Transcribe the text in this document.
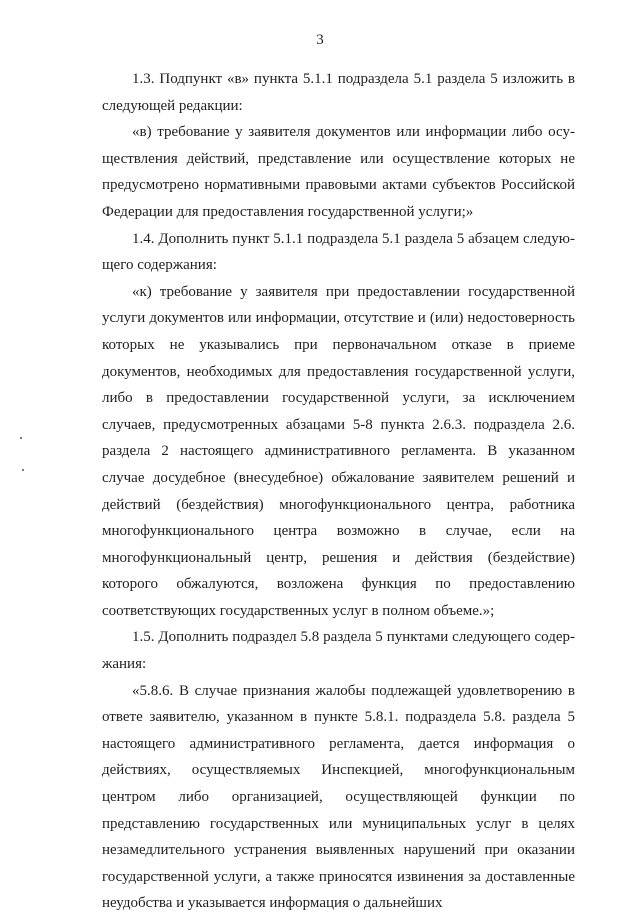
3

1.3. Подпункт «в» пункта 5.1.1 подраздела 5.1 раздела 5 изложить в следующей редакции:

«в) требование у заявителя документов или информации либо осуществления действий, представление или осуществление которых не предусмотрено нормативными правовыми актами субъектов Российской Федерации для предоставления государственной услуги;»

1.4. Дополнить пункт 5.1.1 подраздела 5.1 раздела 5 абзацем следующего содержания:

«к) требование у заявителя при предоставлении государственной услуги документов или информации, отсутствие и (или) недостоверность которых не указывались при первоначальном отказе в приеме документов, необходимых для предоставления государственной услуги, либо в предоставлении государственной услуги, за исключением случаев, предусмотренных абзацами 5-8 пункта 2.6.3. подраздела 2.6. раздела 2 настоящего административного регламента. В указанном случае досудебное (внесудебное) обжалование заявителем решений и действий (бездействия) многофункционального центра, работника многофункционального центра возможно в случае, если на многофункциональный центр, решения и действия (бездействие) которого обжалуются, возложена функция по предоставлению соответствующих государственных услуг в полном объеме.»;

1.5. Дополнить подраздел 5.8 раздела 5 пунктами следующего содержания:

«5.8.6. В случае признания жалобы подлежащей удовлетворению в ответе заявителю, указанном в пункте 5.8.1. подраздела 5.8. раздела 5 настоящего административного регламента, дается информация о действиях, осуществляемых Инспекцией, многофункциональным центром либо организацией, осуществляющей функции по представлению государственных или муниципальных услуг в целях незамедлительного устранения выявленных нарушений при оказании государственной услуги, а также приносятся извинения за доставленные неудобства и указывается информация о дальнейших
